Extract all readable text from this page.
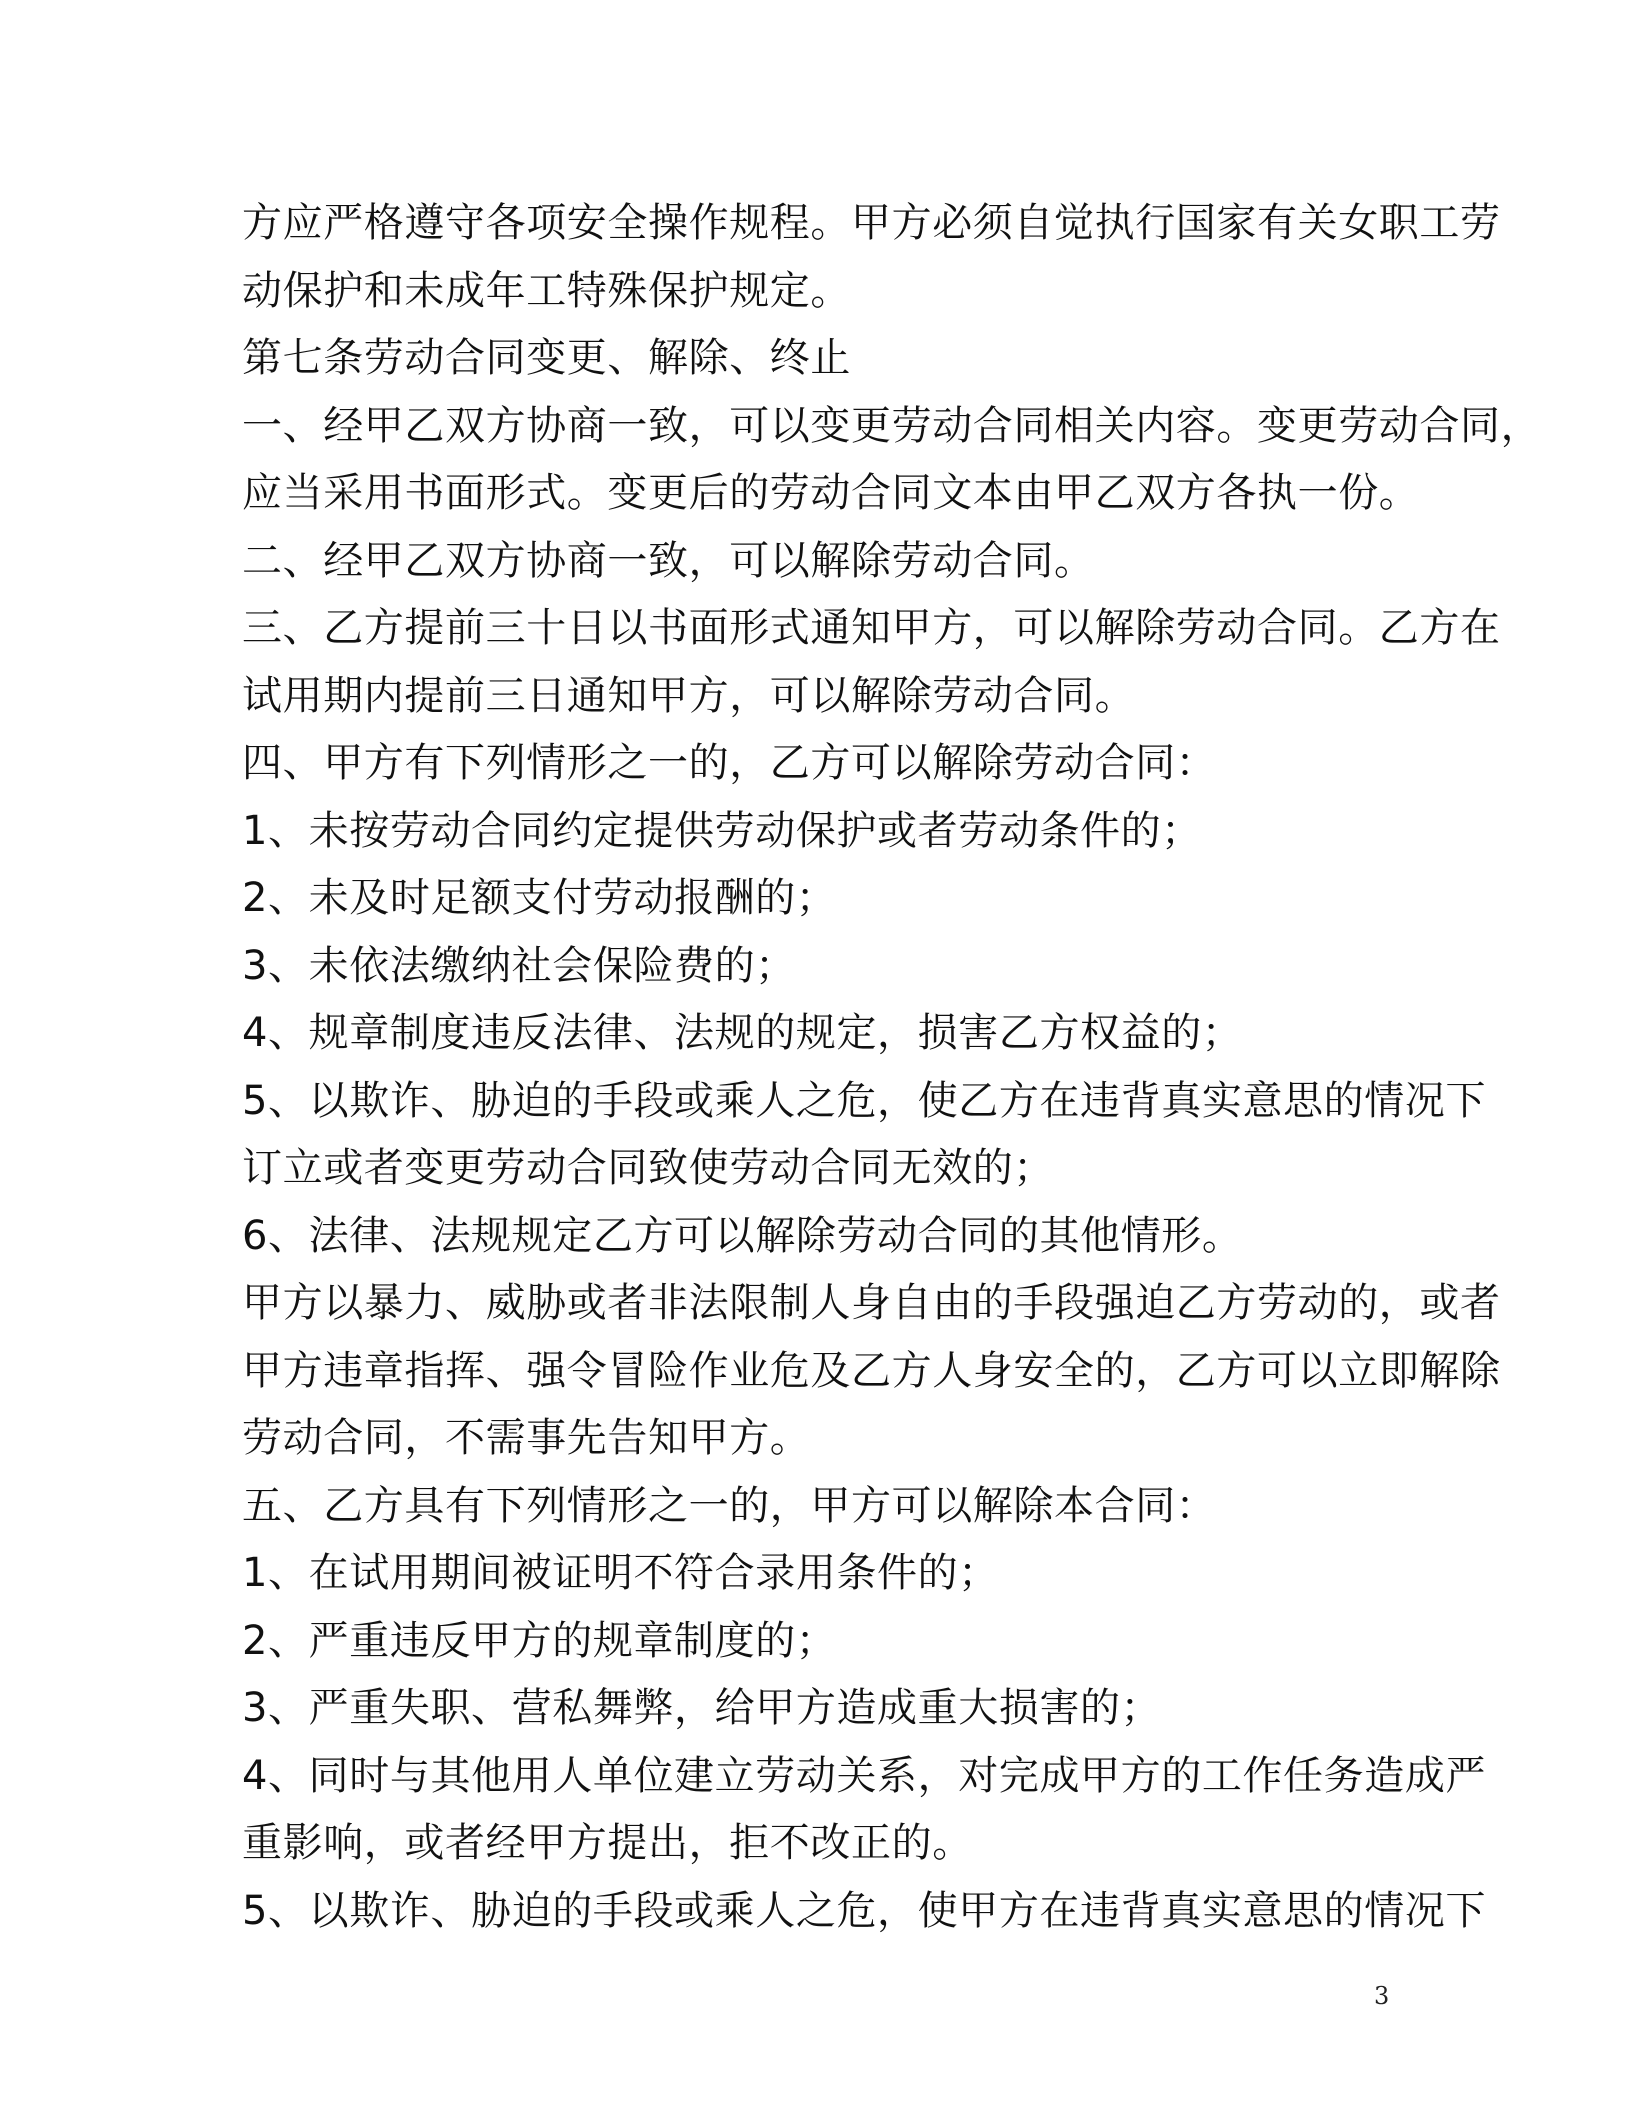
方应严格遵守各项安全操作规程。甲方必须自觉执行国家有关女职工劳
动保护和未成年工特殊保护规定。
第七条劳动合同变更、解除、终止
一、经甲乙双方协商一致，可以变更劳动合同相关内容。变更劳动合同，
应当采用书面形式。变更后的劳动合同文本由甲乙双方各执一份。
二、经甲乙双方协商一致，可以解除劳动合同。
三、乙方提前三十日以书面形式通知甲方，可以解除劳动合同。乙方在
试用期内提前三日通知甲方，可以解除劳动合同。
四、甲方有下列情形之一的，乙方可以解除劳动合同：
1、未按劳动合同约定提供劳动保护或者劳动条件的；
2、未及时足额支付劳动报酬的；
3、未依法缴纳社会保险费的；
4、规章制度违反法律、法规的规定，损害乙方权益的；
5、以欺诈、胁迫的手段或乘人之危，使乙方在违背真实意思的情况下
订立或者变更劳动合同致使劳动合同无效的；
6、法律、法规规定乙方可以解除劳动合同的其他情形。
甲方以暴力、威胁或者非法限制人身自由的手段强迫乙方劳动的，或者
甲方违章指挥、强令冒险作业危及乙方人身安全的，乙方可以立即解除
劳动合同，不需事先告知甲方。
五、乙方具有下列情形之一的，甲方可以解除本合同：
1、在试用期间被证明不符合录用条件的；
2、严重违反甲方的规章制度的；
3、严重失职、营私舞弊，给甲方造成重大损害的；
4、同时与其他用人单位建立劳动关系，对完成甲方的工作任务造成严
重影响，或者经甲方提出，拒不改正的。
5、以欺诈、胁迫的手段或乘人之危，使甲方在违背真实意思的情况下
3
